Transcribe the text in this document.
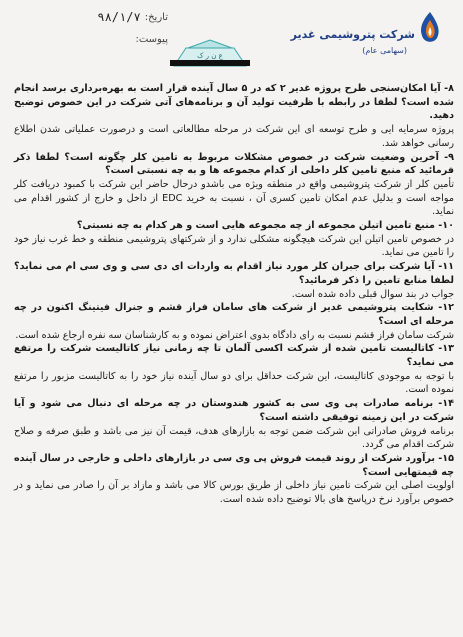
تاریخ:
۹۸/۱/۷
پیوست:
ع ن ر ک
شرکت پتروشیمی غدیر
(سهامی عام)

۸- آیا امکان‌سنجی طرح پروژه غدیر ۲ که در ۵ سال آینده قرار است به بهره‌برداری برسد انجام شده است؟ لطفا در رابطه با ظرفیت تولید آن و برنامه‌های آتی شرکت در این خصوص توضیح دهید.

پروژه سرمایه ایی و طرح توسعه ای این شرکت در مرحله مطالعاتی است و درصورت عملیاتی شدن اطلاع رسانی خواهد شد.

۹- آخرین وضعیت شرکت در خصوص مشکلات مربوط به تامین کلر چگونه است؟ لطفا ذکر فرمائید که منبع تامین کلر داخلی از کدام مجموعه ها و به چه نسبتی است؟

تأمین کلر از شرکت پتروشیمی واقع در منطقه ویژه می باشدو درحال حاضر این شرکت با کمبود دریافت کلر مواجه است و بدلیل عدم امکان تامین کسری آن ، نسبت به خرید EDC از داخل و خارج از کشور اقدام می نماید.

۱۰- منبع تامین اتیلن مجموعه از چه مجموعه هایی است و هر کدام به چه نسبتی؟

در خصوص تامین اتیلن این شرکت هیچگونه مشکلی ندارد و از شرکتهای پتروشیمی منطقه و خط غرب نیاز خود را تامین می نماید.

۱۱- آیا شرکت برای جبران کلر مورد نیاز اقدام به واردات ای دی سی و وی سی ام می نماید؟ لطفا منابع تامین را ذکر فرمائید؟

جواب در بند سوال قبلی داده شده است.

۱۲- شکایت پتروشیمی غدیر از شرکت های سامان فراز قشم و جنرال فیتینگ اکنون در چه مرحله ای است؟

شرکت سامان فراز قشم نسبت به رای دادگاه بدوی اعتراض نموده و به کارشناسان سه نفره ارجاع شده است.

۱۳- کاتالیست تامین شده از شرکت اکسی آلمان تا چه زمانی نیاز کاتالیست شرکت را مرتفع می نماید؟

با توجه به موجودی کاتالیست، این شرکت حداقل برای دو سال آینده نیاز خود را به کاتالیست مزبور را مرتفع نموده است.

۱۴- برنامه صادرات پی وی سی به کشور هندوستان در چه مرحله ای دنبال می شود و آیا شرکت در این زمینه توفیقی داشته است؟

برنامه فروش صادراتی این شرکت ضمن توجه به بازارهای هدف، قیمت آن نیز می باشد و طبق صرفه و صلاح شرکت اقدام می گردد.

۱۵- برآورد شرکت از روند قیمت فروش پی وی سی در بازارهای داخلی و خارجی در سال آینده چه قیمتهایی است؟

اولویت اصلی این شرکت تامین نیاز داخلی از طریق بورس کالا می باشد و مازاد بر آن را صادر می نماید و در خصوص برآورد نرخ درپاسخ های بالا توضیح داده شده است.
